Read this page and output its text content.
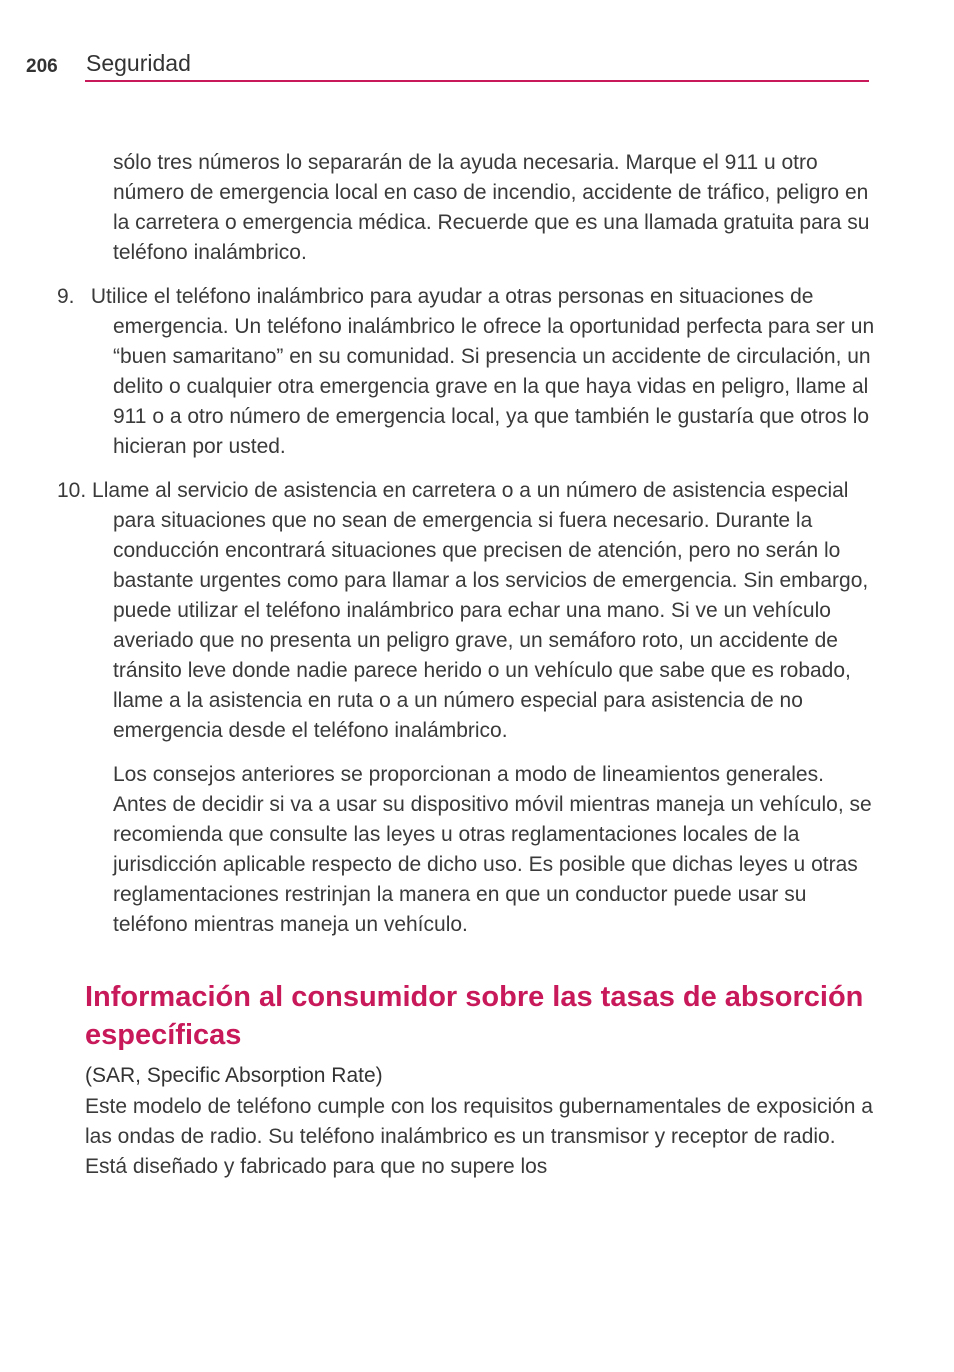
206 Seguridad

sólo tres números lo separarán de la ayuda necesaria. Marque el 911 u otro número de emergencia local en caso de incendio, accidente de tráfico, peligro en la carretera o emergencia médica. Recuerde que es una llamada gratuita para su teléfono inalámbrico.

9. Utilice el teléfono inalámbrico para ayudar a otras personas en situaciones de emergencia. Un teléfono inalámbrico le ofrece la oportunidad perfecta para ser un “buen samaritano” en su comunidad. Si presencia un accidente de circulación, un delito o cualquier otra emergencia grave en la que haya vidas en peligro, llame al 911 o a otro número de emergencia local, ya que también le gustaría que otros lo hicieran por usted.

10. Llame al servicio de asistencia en carretera o a un número de asistencia especial para situaciones que no sean de emergencia si fuera necesario. Durante la conducción encontrará situaciones que precisen de atención, pero no serán lo bastante urgentes como para llamar a los servicios de emergencia. Sin embargo, puede utilizar el teléfono inalámbrico para echar una mano. Si ve un vehículo averiado que no presenta un peligro grave, un semáforo roto, un accidente de tránsito leve donde nadie parece herido o un vehículo que sabe que es robado, llame a la asistencia en ruta o a un número especial para asistencia de no emergencia desde el teléfono inalámbrico.

Los consejos anteriores se proporcionan a modo de lineamientos generales. Antes de decidir si va a usar su dispositivo móvil mientras maneja un vehículo, se recomienda que consulte las leyes u otras reglamentaciones locales de la jurisdicción aplicable respecto de dicho uso. Es posible que dichas leyes u otras reglamentaciones restrinjan la manera en que un conductor puede usar su teléfono mientras maneja un vehículo.

Información al consumidor sobre las tasas de absorción específicas

(SAR, Specific Absorption Rate)

Este modelo de teléfono cumple con los requisitos gubernamentales de exposición a las ondas de radio. Su teléfono inalámbrico es un transmisor y receptor de radio. Está diseñado y fabricado para que no supere los
